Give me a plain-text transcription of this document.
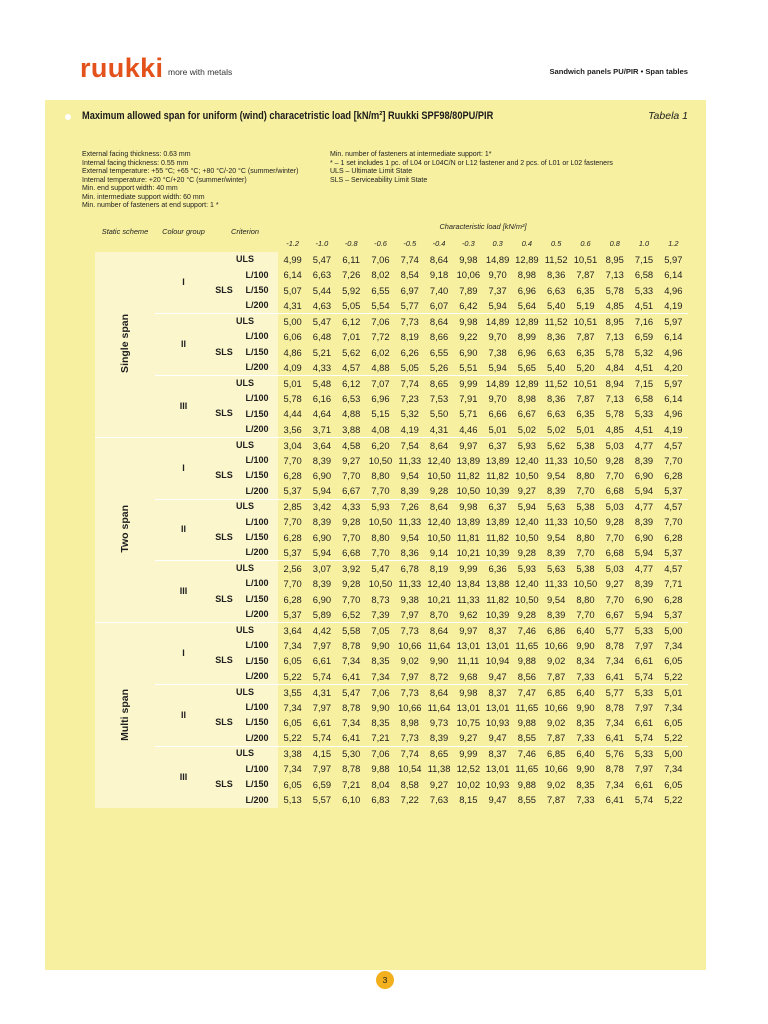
ruukki more with metals	Sandwich panels PU/PIR • Span tables
Maximum allowed span for uniform (wind) characetristic load [kN/m²] Ruukki SPF98/80PU/PIR	Tabela 1
External facing thickness: 0.63 mm
Internal facing thickness: 0.55 mm
External temperature: +55 °C; +65 °C; +80 °C/-20 °C (summer/winter)
Internal temperature: +20 °C/+20 °C (summer/winter)
Min. end support width: 40 mm
Min. intermediate support width: 60 mm
Min. number of fasteners at end support: 1 *
Min. number of fasteners at intermediate support: 1*
* – 1 set includes 1 pc. of L04 or L04C/N or L12 fastener and 2 pcs. of L01 or L02 fasteners
ULS – Ultimate Limit State
SLS – Serviceability Limit State
Static scheme	Colour group	Criterion		Characteristic load [kN/m²]													
				-1.2	-1.0	-0.8	-0.6	-0.5	-0.4	-0.3	0.3	0.4	0.5	0.6	0.8	1.0	1.2
Single span	I	ULS		4,99	5,47	6,11	7,06	7,74	8,64	9,98	14,89	12,89	11,52	10,51	8,95	7,15	5,97
		SLS	L/100	6,14	6,63	7,26	8,02	8,54	9,18	10,06	9,70	8,98	8,36	7,87	7,13	6,58	6,14
			L/150	5,07	5,44	5,92	6,55	6,97	7,40	7,89	7,37	6,96	6,63	6,35	5,78	5,33	4,96
			L/200	4,31	4,63	5,05	5,54	5,77	6,07	6,42	5,94	5,64	5,40	5,19	4,85	4,51	4,19
	II	ULS		5,00	5,47	6,12	7,06	7,73	8,64	9,98	14,89	12,89	11,52	10,51	8,95	7,16	5,97
		SLS	L/100	6,06	6,48	7,01	7,72	8,19	8,66	9,22	9,70	8,99	8,36	7,87	7,13	6,59	6,14
			L/150	4,86	5,21	5,62	6,02	6,26	6,55	6,90	7,38	6,96	6,63	6,35	5,78	5,32	4,96
			L/200	4,09	4,33	4,57	4,88	5,05	5,26	5,51	5,94	5,65	5,40	5,20	4,84	4,51	4,20
	III	ULS		5,01	5,48	6,12	7,07	7,74	8,65	9,99	14,89	12,89	11,52	10,51	8,94	7,15	5,97
		SLS	L/100	5,78	6,16	6,53	6,96	7,23	7,53	7,91	9,70	8,98	8,36	7,87	7,13	6,58	6,14
			L/150	4,44	4,64	4,88	5,15	5,32	5,50	5,71	6,66	6,67	6,63	6,35	5,78	5,33	4,96
			L/200	3,56	3,71	3,88	4,08	4,19	4,31	4,46	5,01	5,02	5,02	5,01	4,85	4,51	4,19
Two span	I	ULS		3,04	3,64	4,58	6,20	7,54	8,64	9,97	6,37	5,93	5,62	5,38	5,03	4,77	4,57
		SLS	L/100	7,70	8,39	9,27	10,50	11,33	12,40	13,89	13,89	12,40	11,33	10,50	9,28	8,39	7,70
			L/150	6,28	6,90	7,70	8,80	9,54	10,50	11,82	11,82	10,50	9,54	8,80	7,70	6,90	6,28
			L/200	5,37	5,94	6,67	7,70	8,39	9,28	10,50	10,39	9,27	8,39	7,70	6,68	5,94	5,37
	II	ULS		2,85	3,42	4,33	5,93	7,26	8,64	9,98	6,37	5,94	5,63	5,38	5,03	4,77	4,57
		SLS	L/100	7,70	8,39	9,28	10,50	11,33	12,40	13,89	13,89	12,40	11,33	10,50	9,28	8,39	7,70
			L/150	6,28	6,90	7,70	8,80	9,54	10,50	11,81	11,82	10,50	9,54	8,80	7,70	6,90	6,28
			L/200	5,37	5,94	6,68	7,70	8,36	9,14	10,21	10,39	9,28	8,39	7,70	6,68	5,94	5,37
	III	ULS		2,56	3,07	3,92	5,47	6,78	8,19	9,99	6,36	5,93	5,63	5,38	5,03	4,77	4,57
		SLS	L/100	7,70	8,39	9,28	10,50	11,33	12,40	13,84	13,88	12,40	11,33	10,50	9,27	8,39	7,71
			L/150	6,28	6,90	7,70	8,73	9,38	10,21	11,33	11,82	10,50	9,54	8,80	7,70	6,90	6,28
			L/200	5,37	5,89	6,52	7,39	7,97	8,70	9,62	10,39	9,28	8,39	7,70	6,67	5,94	5,37
Multi span	I	ULS		3,64	4,42	5,58	7,05	7,73	8,64	9,97	8,37	7,46	6,86	6,40	5,77	5,33	5,00
		SLS	L/100	7,34	7,97	8,78	9,90	10,66	11,64	13,01	13,01	11,65	10,66	9,90	8,78	7,97	7,34
			L/150	6,05	6,61	7,34	8,35	9,02	9,90	11,11	10,94	9,88	9,02	8,34	7,34	6,61	6,05
			L/200	5,22	5,74	6,41	7,34	7,97	8,72	9,68	9,47	8,56	7,87	7,33	6,41	5,74	5,22
	II	ULS		3,55	4,31	5,47	7,06	7,73	8,64	9,98	8,37	7,47	6,85	6,40	5,77	5,33	5,01
		SLS	L/100	7,34	7,97	8,78	9,90	10,66	11,64	13,01	13,01	11,65	10,66	9,90	8,78	7,97	7,34
			L/150	6,05	6,61	7,34	8,35	8,98	9,73	10,75	10,93	9,88	9,02	8,35	7,34	6,61	6,05
			L/200	5,22	5,74	6,41	7,21	7,73	8,39	9,27	9,47	8,55	7,87	7,33	6,41	5,74	5,22
	III	ULS		3,38	4,15	5,30	7,06	7,74	8,65	9,99	8,37	7,46	6,85	6,40	5,76	5,33	5,00
		SLS	L/100	7,34	7,97	8,78	9,88	10,54	11,38	12,52	13,01	11,65	10,66	9,90	8,78	7,97	7,34
			L/150	6,05	6,59	7,21	8,04	8,58	9,27	10,02	10,93	9,88	9,02	8,35	7,34	6,61	6,05
			L/200	5,13	5,57	6,10	6,83	7,22	7,63	8,15	9,47	8,55	7,87	7,33	6,41	5,74	5,22
3
